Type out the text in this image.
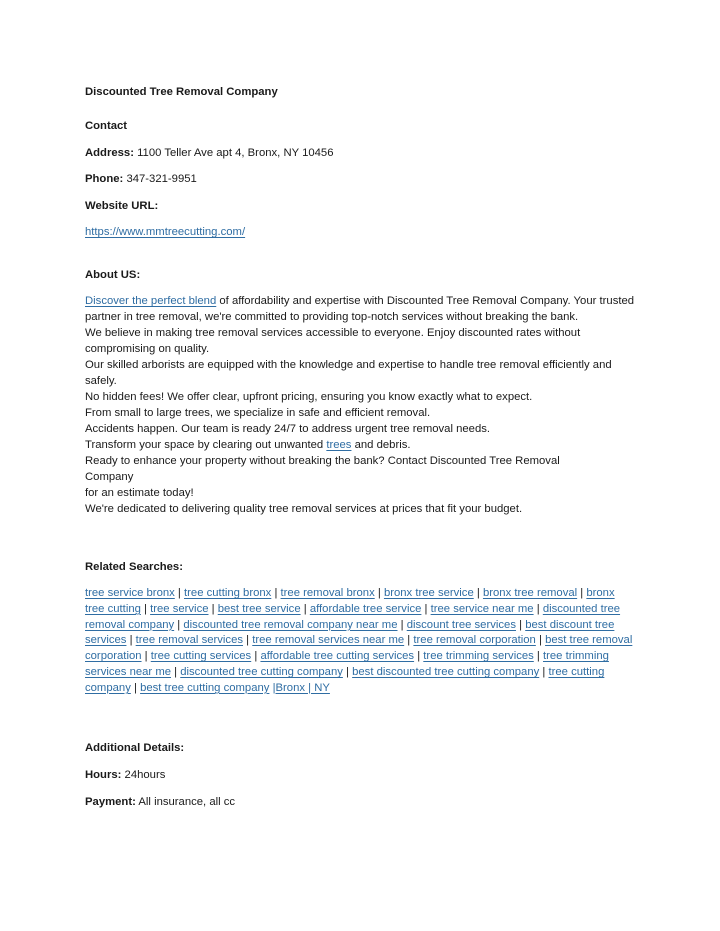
Discounted Tree Removal Company
Contact
Address: 1100 Teller Ave apt 4, Bronx, NY 10456
Phone: 347-321-9951
Website URL:
https://www.mmtreecutting.com/
About US:

Discover the perfect blend of affordability and expertise with Discounted Tree Removal Company. Your trusted partner in tree removal, we're committed to providing top-notch services without breaking the bank.

We believe in making tree removal services accessible to everyone. Enjoy discounted rates without compromising on quality.

Our skilled arborists are equipped with the knowledge and expertise to handle tree removal efficiently and safely.

No hidden fees! We offer clear, upfront pricing, ensuring you know exactly what to expect.

From small to large trees, we specialize in safe and efficient removal.

Accidents happen. Our team is ready 24/7 to address urgent tree removal needs.

Transform your space by clearing out unwanted trees and debris.

Ready to enhance your property without breaking the bank? Contact Discounted Tree Removal

Company

for an estimate today!

We're dedicated to delivering quality tree removal services at prices that fit your budget.

Related Searches:
tree service bronx | tree cutting bronx | tree removal bronx | bronx tree service | bronx tree removal | bronx tree cutting | tree service | best tree service | affordable tree service | tree service near me | discounted tree removal company | discounted tree removal company near me | discount tree services | best discount tree services | tree removal services | tree removal services near me | tree removal corporation | best tree removal corporation | tree cutting services | affordable tree cutting services | tree trimming services | tree trimming services near me | discounted tree cutting company | best discounted tree cutting company | tree cutting company | best tree cutting company |Bronx | NY
Additional Details:
Hours: 24hours
Payment: All insurance, all cc
